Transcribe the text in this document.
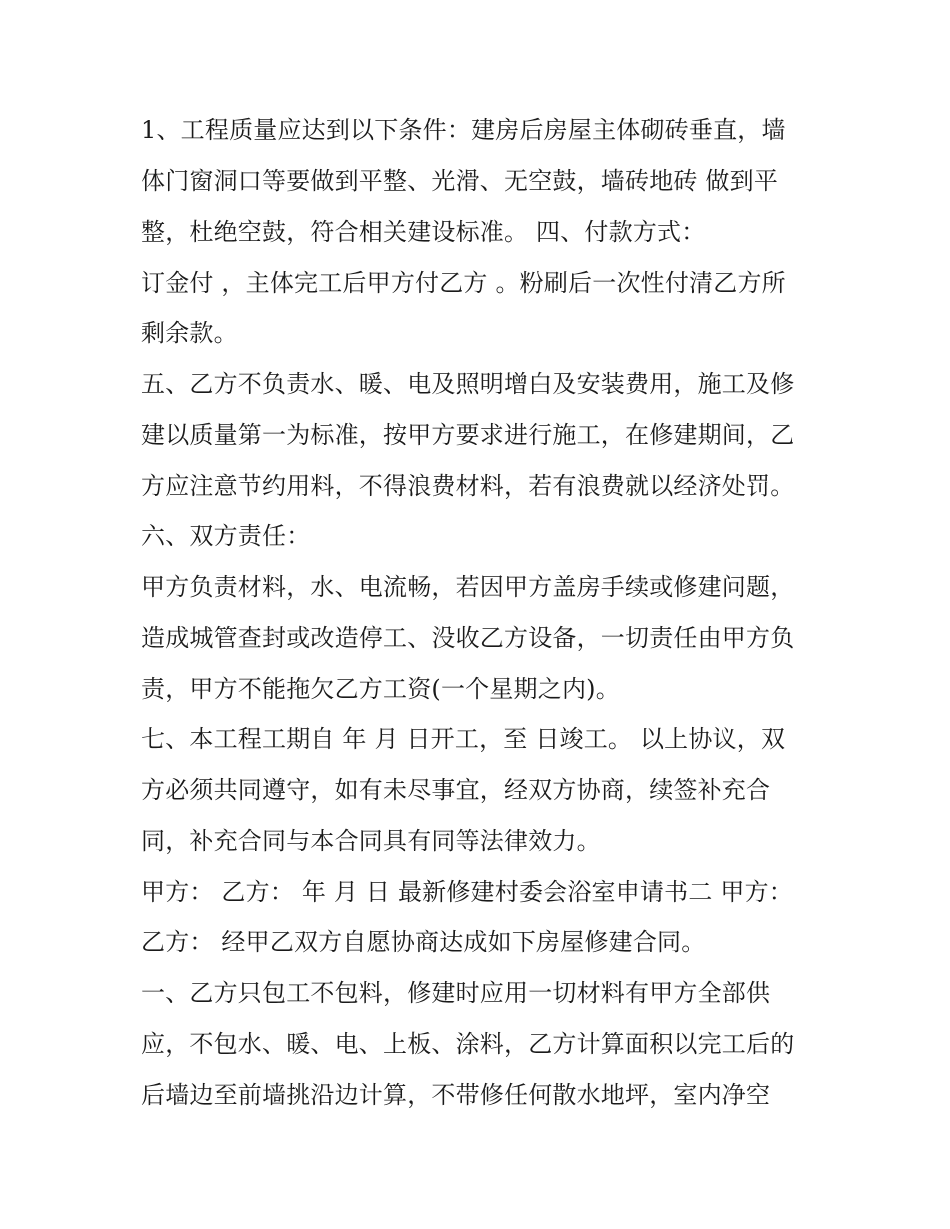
1、工程质量应达到以下条件：建房后房屋主体砌砖垂直，墙
体门窗洞口等要做到平整、光滑、无空鼓，墙砖地砖 做到平
整，杜绝空鼓，符合相关建设标准。 四、付款方式：
订金付 ，主体完工后甲方付乙方 。粉刷后一次性付清乙方所
剩余款。
五、乙方不负责水、暖、电及照明增白及安装费用，施工及修
建以质量第一为标准，按甲方要求进行施工，在修建期间，乙
方应注意节约用料，不得浪费材料，若有浪费就以经济处罚。
六、双方责任：
甲方负责材料，水、电流畅，若因甲方盖房手续或修建问题，
造成城管查封或改造停工、没收乙方设备，一切责任由甲方负
责，甲方不能拖欠乙方工资(一个星期之内)。
七、本工程工期自 年 月 日开工，至 日竣工。 以上协议，双
方必须共同遵守，如有未尽事宜，经双方协商，续签补充合
同，补充合同与本合同具有同等法律效力。
甲方： 乙方： 年 月 日 最新修建村委会浴室申请书二 甲方：
乙方： 经甲乙双方自愿协商达成如下房屋修建合同。
一、乙方只包工不包料，修建时应用一切材料有甲方全部供
应，不包水、暖、电、上板、涂料，乙方计算面积以完工后的
后墙边至前墙挑沿边计算，不带修任何散水地坪，室内净空
